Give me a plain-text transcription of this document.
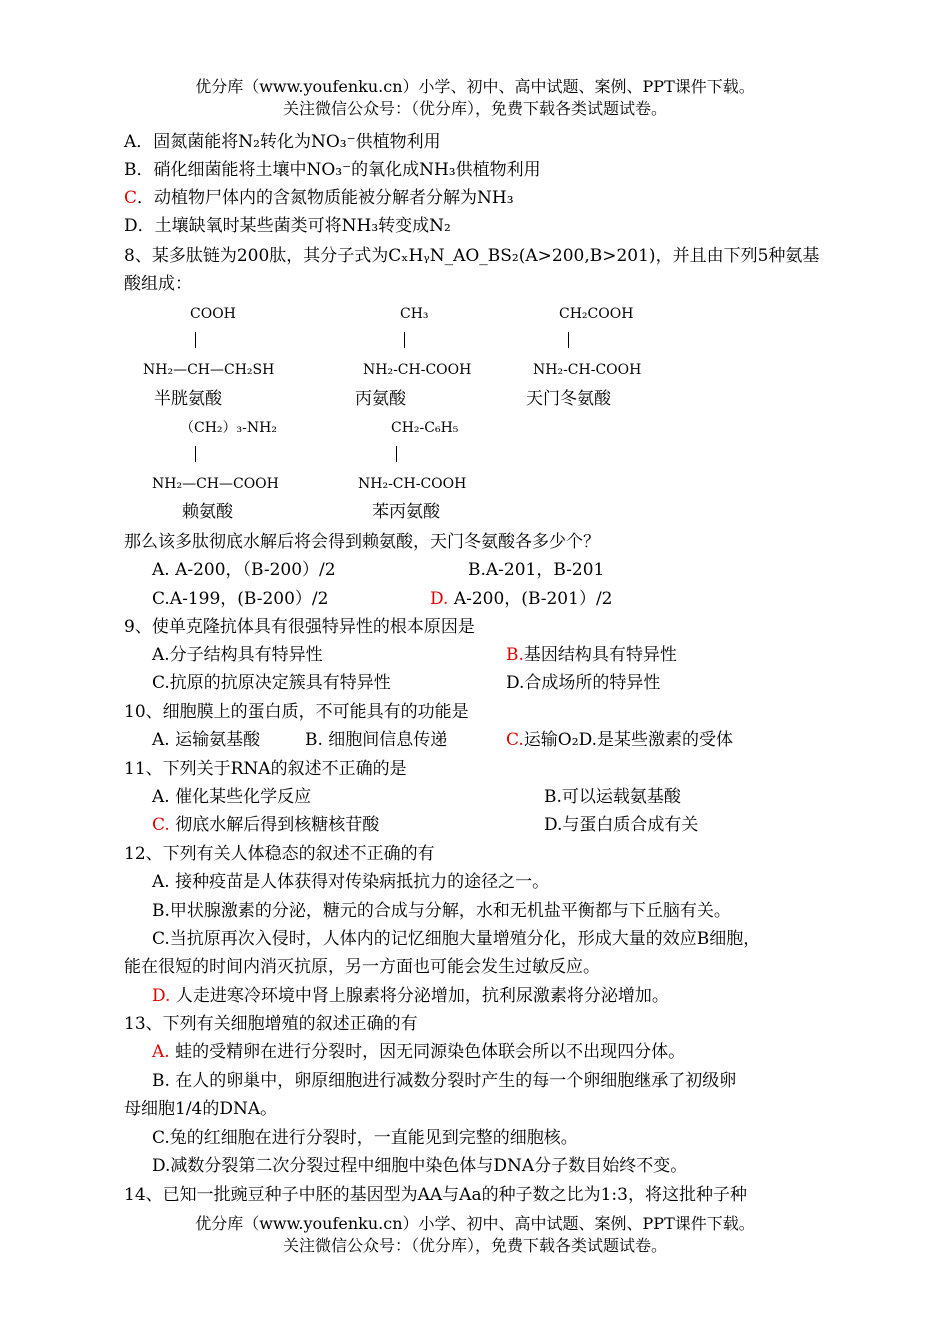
优分库（www.youfenku.cn）小学、初中、高中试题、案例、PPT课件下载。
关注微信公众号：（优分库），免费下载各类试题试卷。
A．固氮菌能将N₂转化为NO₃⁻供植物利用
B．硝化细菌能将土壤中NO₃⁻的氧化成NH₃供植物利用
C．动植物尸体内的含氮物质能被分解者分解为NH₃
D．土壤缺氧时某些菌类可将NH₃转变成N₂
8、某多肽链为200肽，其分子式为CₓHᵧN_AO_BS₂(A>200,B>201)，并且由下列5种氨基
酸组成：
COOH
NH₂—CH—CH₂SH
半胱氨酸
CH₃
NH₂-CH-COOH
丙氨酸
CH₂COOH
NH₂-CH-COOH
天门冬氨酸
（CH₂）₃-NH₂
NH₂—CH—COOH
赖氨酸
CH₂-C₆H₅
NH₂-CH-COOH
苯丙氨酸
那么该多肽彻底水解后将会得到赖氨酸，天门冬氨酸各多少个？
A. A-200，（B-200）/2	B.A-201，B-201
C.A-199，(B-200）/2	D. A-200，(B-201）/2
9、使单克隆抗体具有很强特异性的根本原因是
A.分子结构具有特异性	B.基因结构具有特异性
C.抗原的抗原决定簇具有特异性	D.合成场所的特异性
10、细胞膜上的蛋白质，不可能具有的功能是
A. 运输氨基酸	B. 细胞间信息传递	C.运输O₂D.是某些激素的受体
11、下列关于RNA的叙述不正确的是
A. 催化某些化学反应	B.可以运载氨基酸
C. 彻底水解后得到核糖核苷酸	D.与蛋白质合成有关
12、下列有关人体稳态的叙述不正确的有
A. 接种疫苗是人体获得对传染病抵抗力的途径之一。
B.甲状腺激素的分泌，糖元的合成与分解，水和无机盐平衡都与下丘脑有关。
C.当抗原再次入侵时，人体内的记忆细胞大量增殖分化，形成大量的效应B细胞，
能在很短的时间内消灭抗原，另一方面也可能会发生过敏反应。
D. 人走进寒冷环境中肾上腺素将分泌增加，抗利尿激素将分泌增加。
13、下列有关细胞增殖的叙述正确的有
A. 蛙的受精卵在进行分裂时，因无同源染色体联会所以不出现四分体。
B. 在人的卵巢中，卵原细胞进行减数分裂时产生的每一个卵细胞继承了初级卵
母细胞1/4的DNA。
C.兔的红细胞在进行分裂时，一直能见到完整的细胞核。
D.减数分裂第二次分裂过程中细胞中染色体与DNA分子数目始终不变。
14、已知一批豌豆种子中胚的基因型为AA与Aa的种子数之比为1:3，将这批种子种
优分库（www.youfenku.cn）小学、初中、高中试题、案例、PPT课件下载。
关注微信公众号：（优分库），免费下载各类试题试卷。
